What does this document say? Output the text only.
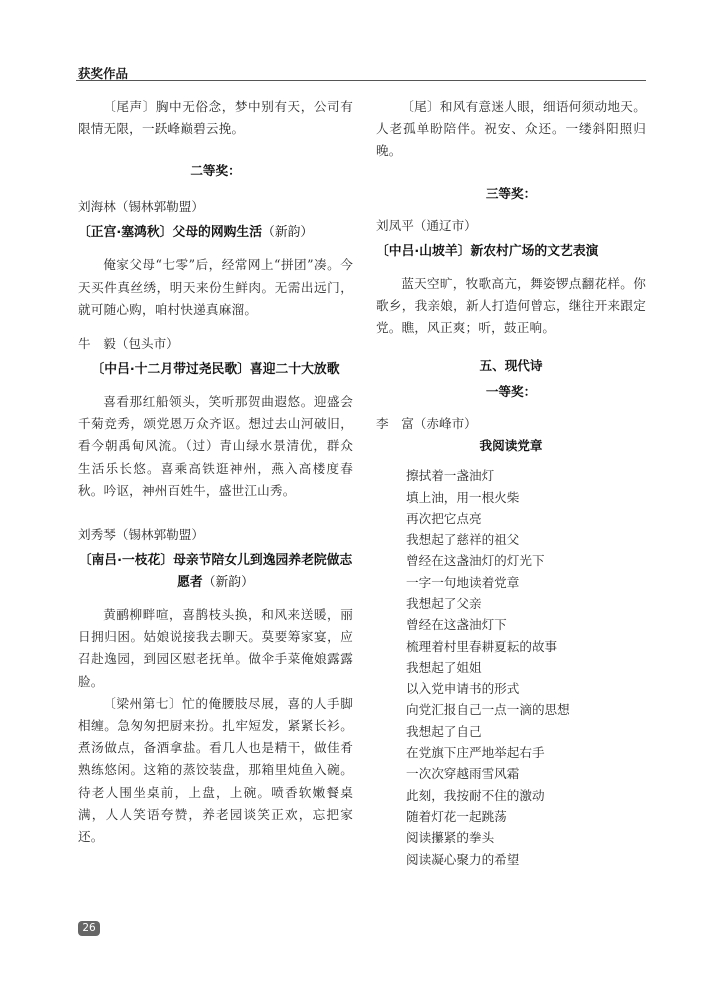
获奖作品

〔尾声〕胸中无俗念，梦中别有天，公司有限情无限，一跃峰巅碧云挽。

二等奖：

刘海林（锡林郭勒盟）

〔正宫·塞鸿秋〕父母的网购生活（新韵）

俺家父母“七零”后，经常网上“拼团”凑。今天买件真丝绣，明天来份生鲜肉。无需出远门，就可随心购，咱村快递真麻溜。

牛　毅（包头市）

〔中吕·十二月带过尧民歌〕喜迎二十大放歌

喜看那红船领头，笑听那贺曲遐悠。迎盛会千菊竞秀，颂党恩万众齐讴。想过去山河破旧，看今朝禹甸风流。（过）青山绿水景清优，群众生活乐长悠。喜乘高铁逛神州，燕入高楼度春秋。吟讴，神州百姓牛，盛世江山秀。

刘秀琴（锡林郭勒盟）

〔南吕·一枝花〕母亲节陪女儿到逸园养老院做志愿者（新韵）

黄鹂柳畔喧，喜鹊枝头换，和风来送暖，丽日拥归困。姑娘说接我去聊天。莫要筹家宴，应召赴逸园，到园区慰老抚单。做伞手菜俺娘露露脸。

〔梁州第七〕忙的俺腰肢尽展，喜的人手脚相缠。急匆匆把厨来扮。扎牢短发，紧紧长衫。煮汤做点，备酒拿盐。看几人也是精干，做佳肴熟练悠闲。这箱的蒸饺装盘，那箱里炖鱼入碗。待老人围坐桌前，上盘，上碗。喷香软嫩餐桌满，人人笑语夸赞，养老园谈笑正欢，忘把家还。

〔尾〕和风有意迷人眼，细语何须动地天。人老孤单盼陪伴。祝安、众还。一缕斜阳照归晚。

三等奖：

刘凤平（通辽市）

〔中吕·山坡羊〕新农村广场的文艺表演

蓝天空旷，牧歌高亢，舞姿锣点翻花样。你歌乡，我亲娘，新人打造何曾忘，继往开来跟定党。瞧，风正爽；听，鼓正响。

五、现代诗

一等奖：

李　富（赤峰市）

我阅读党章

擦拭着一盏油灯

填上油，用一根火柴

再次把它点亮

我想起了慈祥的祖父

曾经在这盏油灯的灯光下

一字一句地读着党章

我想起了父亲

曾经在这盏油灯下

梳理着村里春耕夏耘的故事

我想起了姐姐

以入党申请书的形式

向党汇报自己一点一滴的思想

我想起了自己

在党旗下庄严地举起右手

一次次穿越雨雪风霜

此刻，我按耐不住的激动

随着灯花一起跳荡

阅读攥紧的拳头

阅读凝心聚力的希望

26
